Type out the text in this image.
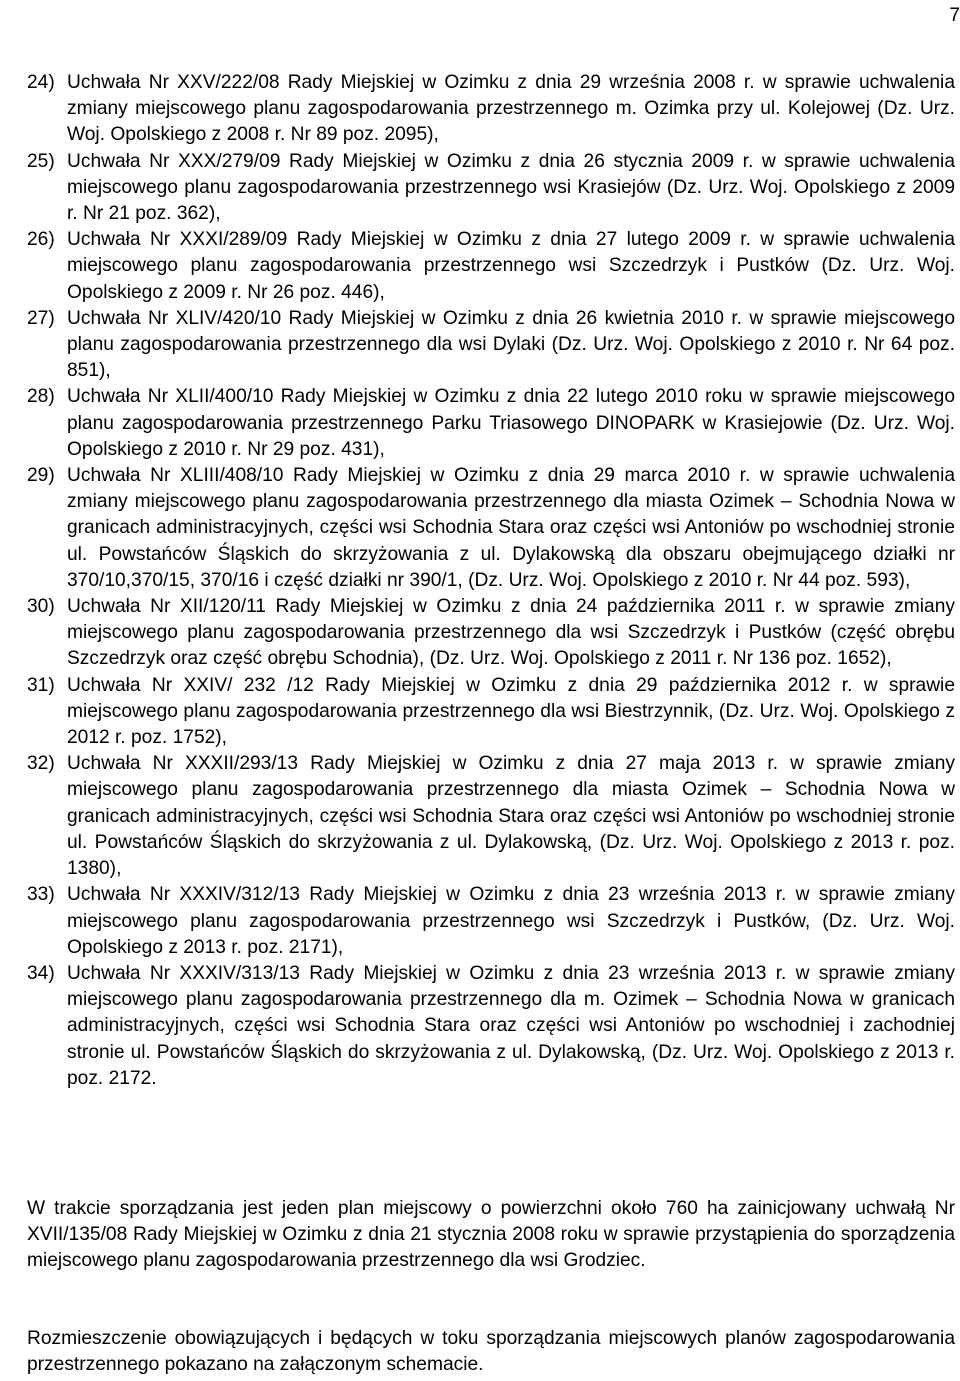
7
24) Uchwała Nr XXV/222/08 Rady Miejskiej w Ozimku z dnia 29 września 2008 r. w sprawie uchwalenia zmiany miejscowego planu zagospodarowania przestrzennego m. Ozimka przy ul. Kolejowej (Dz. Urz. Woj. Opolskiego z 2008 r. Nr 89 poz. 2095),
25) Uchwała Nr XXX/279/09 Rady Miejskiej w Ozimku z dnia 26 stycznia 2009 r. w sprawie uchwalenia miejscowego planu zagospodarowania przestrzennego wsi Krasiejów (Dz. Urz. Woj. Opolskiego z 2009 r. Nr 21 poz. 362),
26) Uchwała Nr XXXI/289/09 Rady Miejskiej w Ozimku z dnia 27 lutego 2009 r. w sprawie uchwalenia miejscowego planu zagospodarowania przestrzennego wsi Szczedrzyk i Pustków (Dz. Urz. Woj. Opolskiego z 2009 r. Nr 26 poz. 446),
27) Uchwała Nr XLIV/420/10 Rady Miejskiej w Ozimku z dnia 26 kwietnia 2010 r. w sprawie miejscowego planu zagospodarowania przestrzennego dla wsi Dylaki (Dz. Urz. Woj. Opolskiego z 2010 r. Nr 64 poz. 851),
28) Uchwała Nr XLII/400/10 Rady Miejskiej w Ozimku z dnia 22 lutego 2010 roku w sprawie miejscowego planu zagospodarowania przestrzennego Parku Triasowego DINOPARK w Krasiejowie (Dz. Urz. Woj. Opolskiego z 2010 r. Nr 29 poz. 431),
29) Uchwała Nr XLIII/408/10 Rady Miejskiej w Ozimku z dnia 29 marca 2010 r. w sprawie uchwalenia zmiany miejscowego planu zagospodarowania przestrzennego dla miasta Ozimek – Schodnia Nowa w granicach administracyjnych, części wsi Schodnia Stara oraz części wsi Antoniów po wschodniej stronie ul. Powstańców Śląskich do skrzyżowania z ul. Dylakowską dla obszaru obejmującego działki nr 370/10,370/15, 370/16 i część działki nr 390/1, (Dz. Urz. Woj. Opolskiego z 2010 r. Nr 44 poz. 593),
30) Uchwała Nr XII/120/11 Rady Miejskiej w Ozimku z dnia 24 października 2011 r. w sprawie zmiany miejscowego planu zagospodarowania przestrzennego dla wsi Szczedrzyk i Pustków (część obrębu Szczedrzyk oraz część obrębu Schodnia), (Dz. Urz. Woj. Opolskiego z 2011 r. Nr 136 poz. 1652),
31) Uchwała Nr XXIV/ 232 /12 Rady Miejskiej w Ozimku z dnia 29 października 2012 r. w sprawie miejscowego planu zagospodarowania przestrzennego dla wsi Biestrzynnik, (Dz. Urz. Woj. Opolskiego z 2012 r. poz. 1752),
32) Uchwała Nr XXXII/293/13 Rady Miejskiej w Ozimku z dnia 27 maja 2013 r. w sprawie zmiany miejscowego planu zagospodarowania przestrzennego dla miasta Ozimek – Schodnia Nowa w granicach administracyjnych, części wsi Schodnia Stara oraz części wsi Antoniów po wschodniej stronie ul. Powstańców Śląskich do skrzyżowania z ul. Dylakowską, (Dz. Urz. Woj. Opolskiego z 2013 r. poz. 1380),
33) Uchwała Nr XXXIV/312/13 Rady Miejskiej w Ozimku z dnia 23 września 2013 r. w sprawie zmiany miejscowego planu zagospodarowania przestrzennego wsi Szczedrzyk i Pustków, (Dz. Urz. Woj. Opolskiego z 2013 r. poz. 2171),
34) Uchwała Nr XXXIV/313/13 Rady Miejskiej w Ozimku z dnia 23 września 2013 r. w sprawie zmiany miejscowego planu zagospodarowania przestrzennego dla m. Ozimek – Schodnia Nowa w granicach administracyjnych, części wsi Schodnia Stara oraz części wsi Antoniów po wschodniej i zachodniej stronie ul. Powstańców Śląskich do skrzyżowania z ul. Dylakowską, (Dz. Urz. Woj. Opolskiego z 2013 r. poz. 2172.

W trakcie sporządzania jest jeden plan miejscowy o powierzchni około 760 ha zainicjowany uchwałą Nr XVII/135/08 Rady Miejskiej w Ozimku z dnia 21 stycznia 2008 roku w sprawie przystąpienia do sporządzenia miejscowego planu zagospodarowania przestrzennego dla wsi Grodziec.

Rozmieszczenie obowiązujących i będących w toku sporządzania miejscowych planów zagospodarowania przestrzennego pokazano na załączonym schemacie.
